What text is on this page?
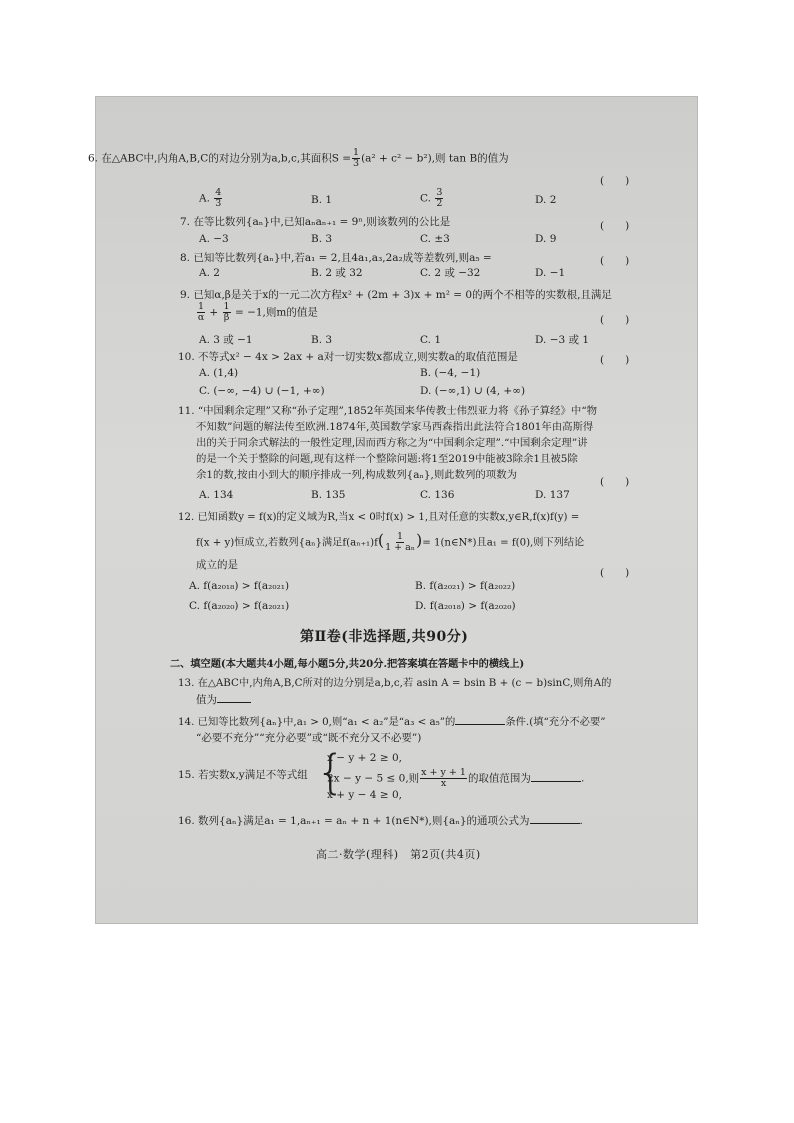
6. 在△ABC中,内角A,B,C的对边分别为a,b,c,其面积$S = \frac{1}{3} (a^2 + c^2 - b^2)$,则 tan B的值为
(　　)
A. $\frac{4}{3}$	B. 1	C. $\frac{3}{2}$	D. 2
7. 在等比数列{aₙ}中,已知aₙaₙ₊₁ = 9ⁿ,则该数列的公比是	(　　)
A. −3	B. 3	C. ±3	D. 9
8. 已知等比数列{aₙ}中,若a₁ = 2,且4a₁,a₃,2a₂成等差数列,则a₅ =	(　　)
A. 2	B. 2 或 32	C. 2 或 −32	D. −1
9. 已知α,β是关于x的一元二次方程x² + (2m + 3)x + m² = 0的两个不相等的实数根,且满足
$\frac{1}{\alpha} + \frac{1}{\beta} = -1$,则m的值是
(　　)
A. 3 或 −1	B. 3	C. 1	D. −3 或 1
10. 不等式x² − 4x > 2ax + a对一切实数x都成立,则实数a的取值范围是	(　　)
A. (1,4)	B. (−4, −1)
C. (−∞, −4) ∪ (−1, +∞)	D. (−∞,1) ∪ (4, +∞)
11. “中国剩余定理”又称“孙子定理”,1852年英国来华传教士伟烈亚力将《孙子算经》中“物
不知数”问题的解法传至欧洲.1874年,英国数学家马西森指出此法符合1801年由高斯得
出的关于同余式解法的一般性定理,因而西方称之为“中国剩余定理”.“中国剩余定理”讲
的是一个关于整除的问题,现有这样一个整除问题:将1至2019中能被3除余1且被5除
余1的数,按由小到大的顺序排成一列,构成数列{aₙ},则此数列的项数为
(　　)
A. 134	B. 135	C. 136	D. 137
12. 已知函数y = f(x)的定义域为R,当x < 0时f(x) > 1,且对任意的实数x,y∈R,f(x)f(y) =
f(x + y)恒成立,若数列{aₙ}满足$f(a_{n+1})f( \frac{1}{\text{1 + aₙ}}$ )= 1(n∈N*)且a₁ = f(0),则下列结论
成立的是
(　　)
A. f(a₂₀₁₈) > f(a₂₀₂₁)	B. f(a₂₀₂₁) > f(a₂₀₂₂)
C. f(a₂₀₂₀) > f(a₂₀₂₁)	D. f(a₂₀₁₈) > f(a₂₀₂₀)
第Ⅱ卷(非选择题,共90分)
二、填空题(本大题共4小题,每小题5分,共20分.把答案填在答题卡中的横线上)
13. 在△ABC中,内角A,B,C所对的边分别是a,b,c,若 asin A = bsin B + (c − b)sinC,则角A的
值为
14. 已知等比数列{aₙ}中,a₁ > 0,则“a₁ < a₂”是“a₃ < a₅”的	条件.(填“充分不必要”
“必要不充分”“充分必要”或“既不充分又不必要”)
15. 若实数x,y满足不等式组 {
x − y + 2 ≥ 0,
2x − y − 5 ≤ 0,则 $\frac{x + y + 1}{x}$ 的取值范围为	.
x + y − 4 ≥ 0,
16. 数列{aₙ}满足a₁ = 1,aₙ₊₁ = aₙ + n + 1(n∈N*),则{aₙ}的通项公式为	.
高二·数学(理科)　第2页(共4页)
